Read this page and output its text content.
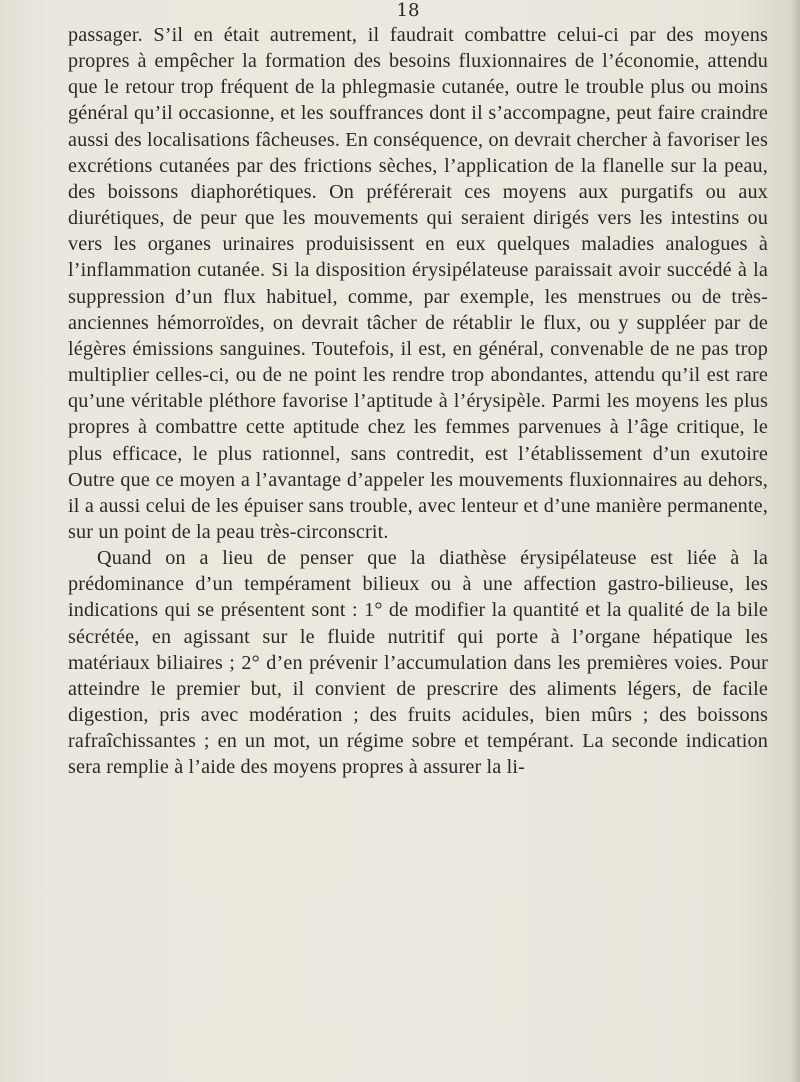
18

passager. S’il en était autrement, il faudrait combattre celui-ci par des moyens propres à empêcher la formation des besoins fluxionnaires de l’économie, attendu que le retour trop fréquent de la phlegmasie cutanée, outre le trouble plus ou moins général qu’il occasionne, et les souffrances dont il s’accompagne, peut faire craindre aussi des localisations fâcheuses. En conséquence, on devrait chercher à favoriser les excrétions cutanées par des frictions sèches, l’application de la flanelle sur la peau, des boissons diaphorétiques. On préférerait ces moyens aux purgatifs ou aux diurétiques, de peur que les mouvements qui seraient dirigés vers les intestins ou vers les organes urinaires produisissent en eux quelques maladies analogues à l’inflammation cutanée. Si la disposition érysipélateuse paraissait avoir succédé à la suppression d’un flux habituel, comme, par exemple, les menstrues ou de très-anciennes hémorroïdes, on devrait tâcher de rétablir le flux, ou y suppléer par de légères émissions sanguines. Toutefois, il est, en général, convenable de ne pas trop multiplier celles-ci, ou de ne point les rendre trop abondantes, attendu qu’il est rare qu’une véritable pléthore favorise l’aptitude à l’érysipèle. Parmi les moyens les plus propres à combattre cette aptitude chez les femmes parvenues à l’âge critique, le plus efficace, le plus rationnel, sans contredit, est l’établissement d’un exutoire Outre que ce moyen a l’avantage d’appeler les mouvements fluxionnaires au dehors, il a aussi celui de les épuiser sans trouble, avec lenteur et d’une manière permanente, sur un point de la peau très-circonscrit.

Quand on a lieu de penser que la diathèse érysipélateuse est liée à la prédominance d’un tempérament bilieux ou à une affection gastro-bilieuse, les indications qui se présentent sont : 1° de modifier la quantité et la qualité de la bile sécrétée, en agissant sur le fluide nutritif qui porte à l’organe hépatique les matériaux biliaires ; 2° d’en prévenir l’accumulation dans les premières voies. Pour atteindre le premier but, il convient de prescrire des aliments légers, de facile digestion, pris avec modération ; des fruits acidules, bien mûrs ; des boissons rafraîchissantes ; en un mot, un régime sobre et tempérant. La seconde indication sera remplie à l’aide des moyens propres à assurer la li-
